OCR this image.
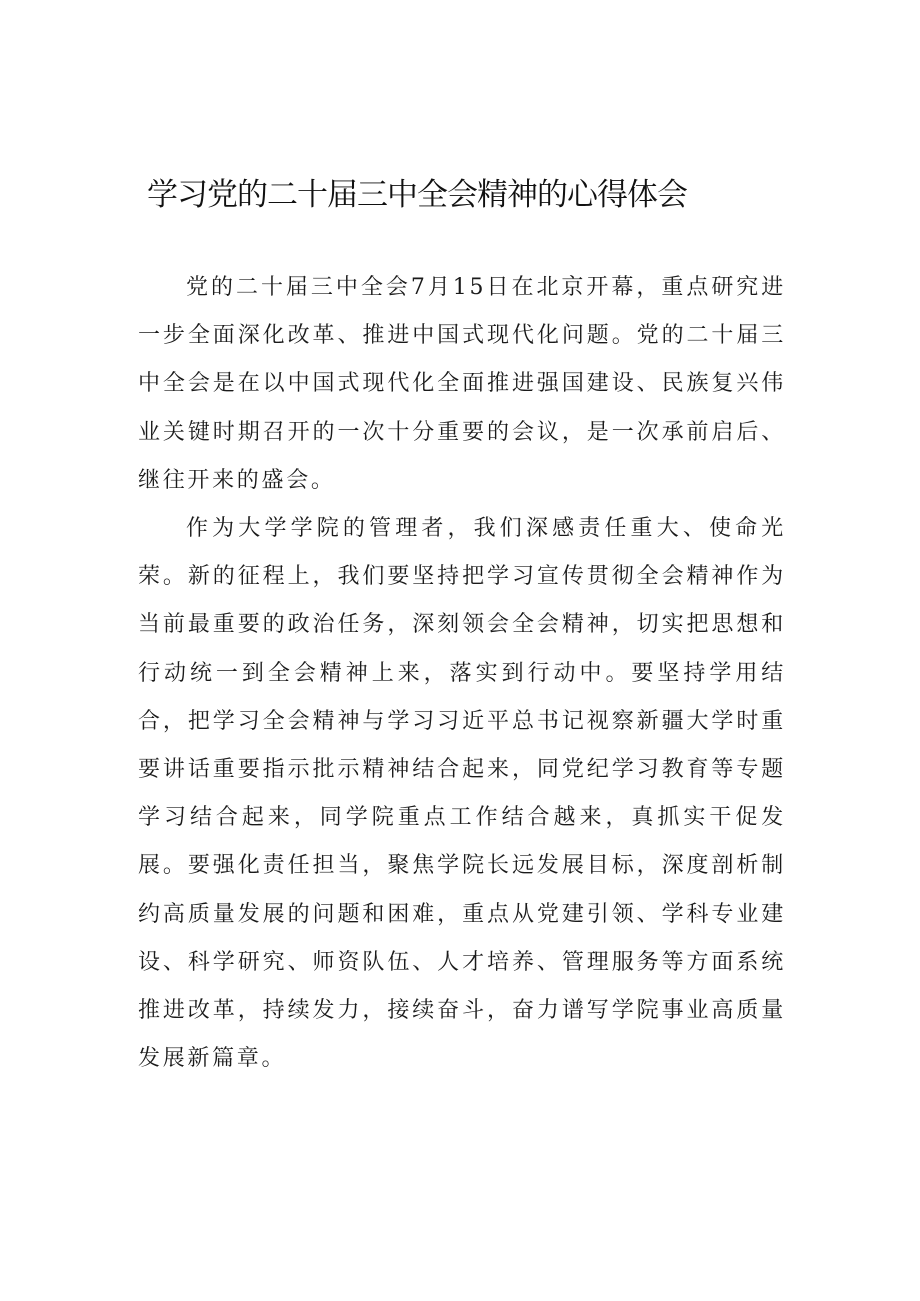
学习党的二十届三中全会精神的心得体会

党的二十届三中全会7月15日在北京开幕，重点研究进一步全面深化改革、推进中国式现代化问题。党的二十届三中全会是在以中国式现代化全面推进强国建设、民族复兴伟业关键时期召开的一次十分重要的会议，是一次承前启后、继往开来的盛会。

作为大学学院的管理者，我们深感责任重大、使命光荣。新的征程上，我们要坚持把学习宣传贯彻全会精神作为当前最重要的政治任务，深刻领会全会精神，切实把思想和行动统一到全会精神上来，落实到行动中。要坚持学用结合，把学习全会精神与学习习近平总书记视察新疆大学时重要讲话重要指示批示精神结合起来，同党纪学习教育等专题学习结合起来，同学院重点工作结合越来，真抓实干促发展。要强化责任担当，聚焦学院长远发展目标，深度剖析制约高质量发展的问题和困难，重点从党建引领、学科专业建设、科学研究、师资队伍、人才培养、管理服务等方面系统推进改革，持续发力，接续奋斗，奋力谱写学院事业高质量发展新篇章。
